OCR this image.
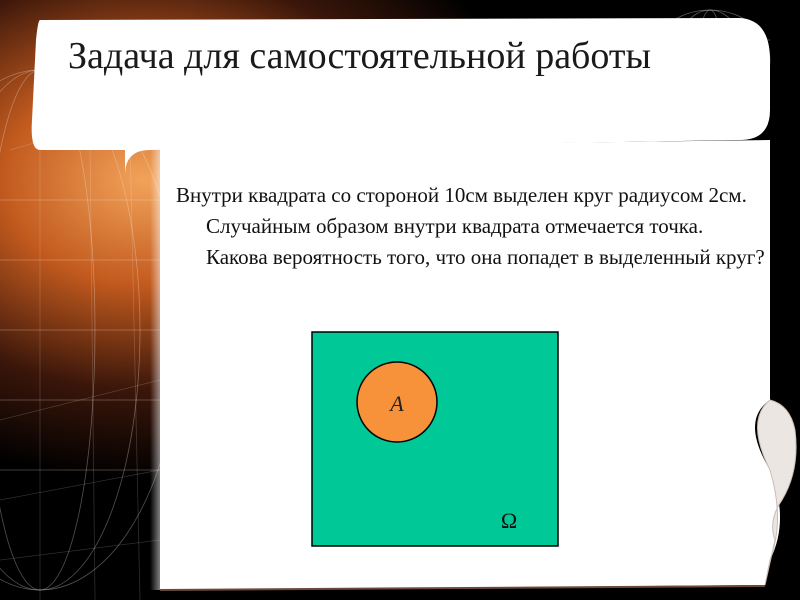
Задача для самостоятельной работы

Внутри квадрата со стороной 10см выделен круг радиусом 2см. Случайным образом внутри квадрата отмечается точка. Какова вероятность того, что она попадет в выделенный круг?

A
Ω
